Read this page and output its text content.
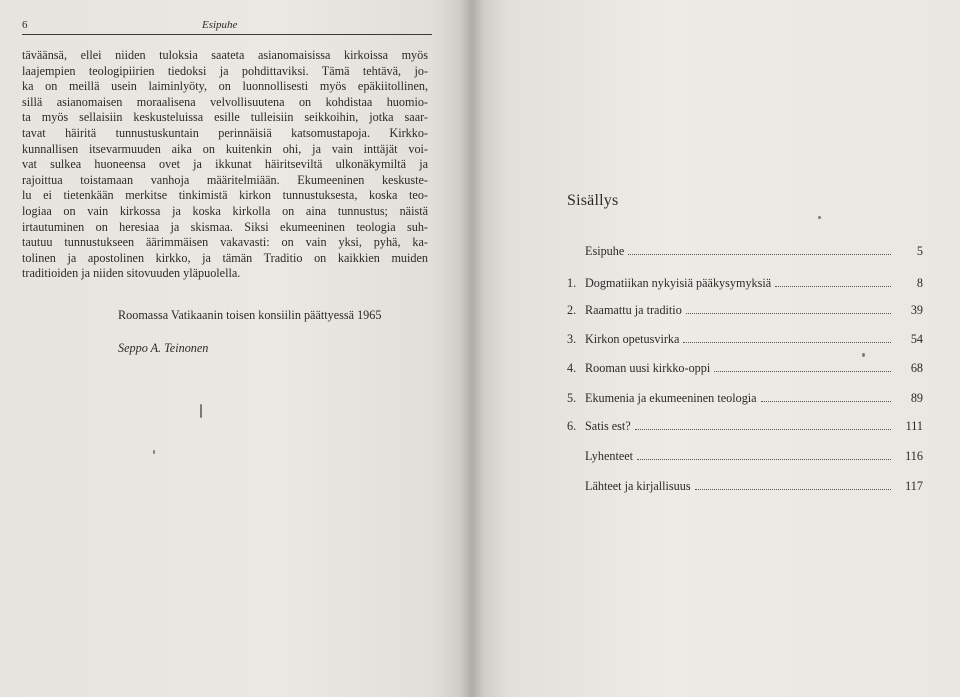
6	Esipuhe
täväänsä, ellei niiden tuloksia saateta asianomaisissa kirkoissa myös
laajempien teologipiirien tiedoksi ja pohdittaviksi. Tämä tehtävä, jo-
ka on meillä usein laiminlyöty, on luonnollisesti myös epäkiitollinen,
sillä asianomaisen moraalisena velvollisuutena on kohdistaa huomio-
ta myös sellaisiin keskusteluissa esille tulleisiin seikkoihin, jotka saar-
tavat häiritä tunnustuskuntain perinnäisiä katsomustapoja. Kirkko-
kunnallisen itsevarmuuden aika on kuitenkin ohi, ja vain inttäjät voi-
vat sulkea huoneensa ovet ja ikkunat häiritseviltä ulkonäkymiltä ja
rajoittua toistamaan vanhoja määritelmiään. Ekumeeninen keskuste-
lu ei tietenkään merkitse tinkimistä kirkon tunnustuksesta, koska teo-
logiaa on vain kirkossa ja koska kirkolla on aina tunnustus; näistä
irtautuminen on heresiaa ja skismaa. Siksi ekumeeninen teologia suh-
tautuu tunnustukseen äärimmäisen vakavasti: on vain yksi, pyhä, ka-
tolinen ja apostolinen kirkko, ja tämän Traditio on kaikkien muiden
traditioiden ja niiden sitovuuden yläpuolella.
Roomassa Vatikaanin toisen konsiilin päättyessä 1965
Seppo A. Teinonen
Sisällys
Esipuhe	5
1. Dogmatiikan nykyisiä pääkysymyksiä	8
2. Raamattu ja traditio	39
3. Kirkon opetusvirka	54
4. Rooman uusi kirkko-oppi	68
5. Ekumenia ja ekumeeninen teologia	89
6. Satis est?	111
Lyhenteet	116
Lähteet ja kirjallisuus	117
